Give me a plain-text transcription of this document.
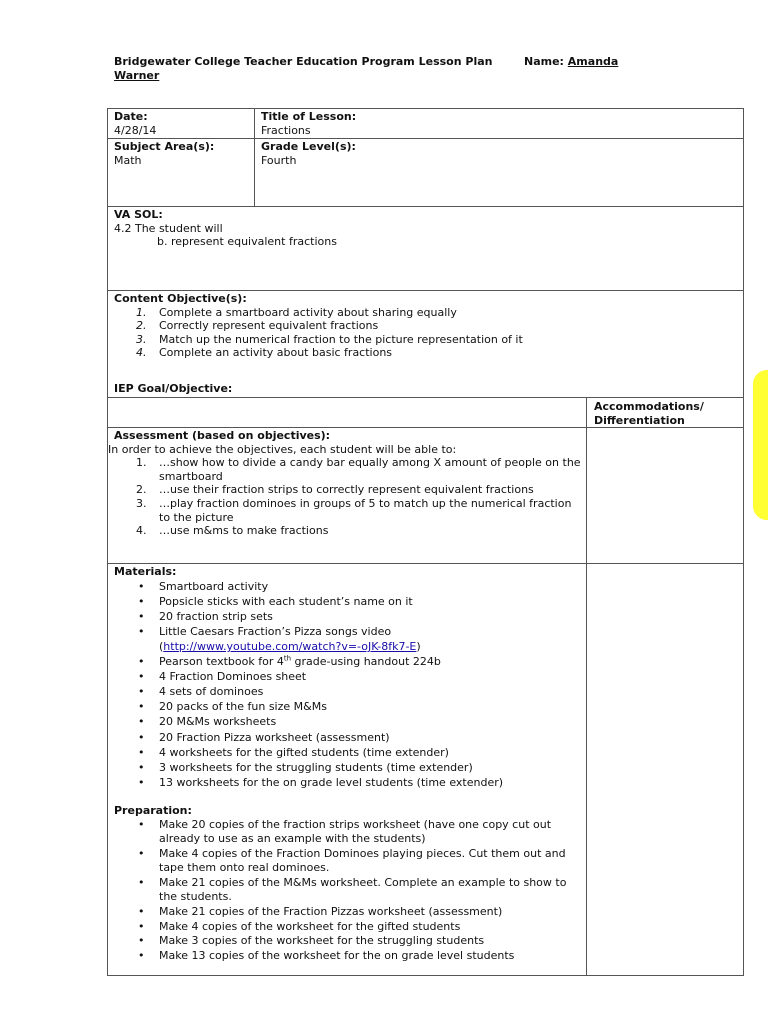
Bridgewater College Teacher Education Program Lesson Plan	Name: Amanda
Warner
Date:
4/28/14
Title of Lesson:
Fractions
Subject Area(s):
Math
Grade Level(s):
Fourth
VA SOL:
4.2 The student will
b. represent equivalent fractions
Content Objective(s):
1. Complete a smartboard activity about sharing equally
2. Correctly represent equivalent fractions
3. Match up the numerical fraction to the picture representation of it
4. Complete an activity about basic fractions
IEP Goal/Objective:
Accommodations/ Differentiation
Assessment (based on objectives):
In order to achieve the objectives, each student will be able to:
1. …show how to divide a candy bar equally among X amount of people on the smartboard
2. …use their fraction strips to correctly represent equivalent fractions
3. …play fraction dominoes in groups of 5 to match up the numerical fraction to the picture
4. …use m&ms to make fractions
Materials:
• Smartboard activity
• Popsicle sticks with each student’s name on it
• 20 fraction strip sets
• Little Caesars Fraction’s Pizza songs video
(http://www.youtube.com/watch?v=-oJK-8fk7-E)
• Pearson textbook for 4th grade-using handout 224b
• 4 Fraction Dominoes sheet
• 4 sets of dominoes
• 20 packs of the fun size M&Ms
• 20 M&Ms worksheets
• 20 Fraction Pizza worksheet (assessment)
• 4 worksheets for the gifted students (time extender)
• 3 worksheets for the struggling students (time extender)
• 13 worksheets for the on grade level students (time extender)
Preparation:
• Make 20 copies of the fraction strips worksheet (have one copy cut out already to use as an example with the students)
• Make 4 copies of the Fraction Dominoes playing pieces. Cut them out and tape them onto real dominoes.
• Make 21 copies of the M&Ms worksheet. Complete an example to show to the students.
• Make 21 copies of the Fraction Pizzas worksheet (assessment)
• Make 4 copies of the worksheet for the gifted students
• Make 3 copies of the worksheet for the struggling students
• Make 13 copies of the worksheet for the on grade level students
